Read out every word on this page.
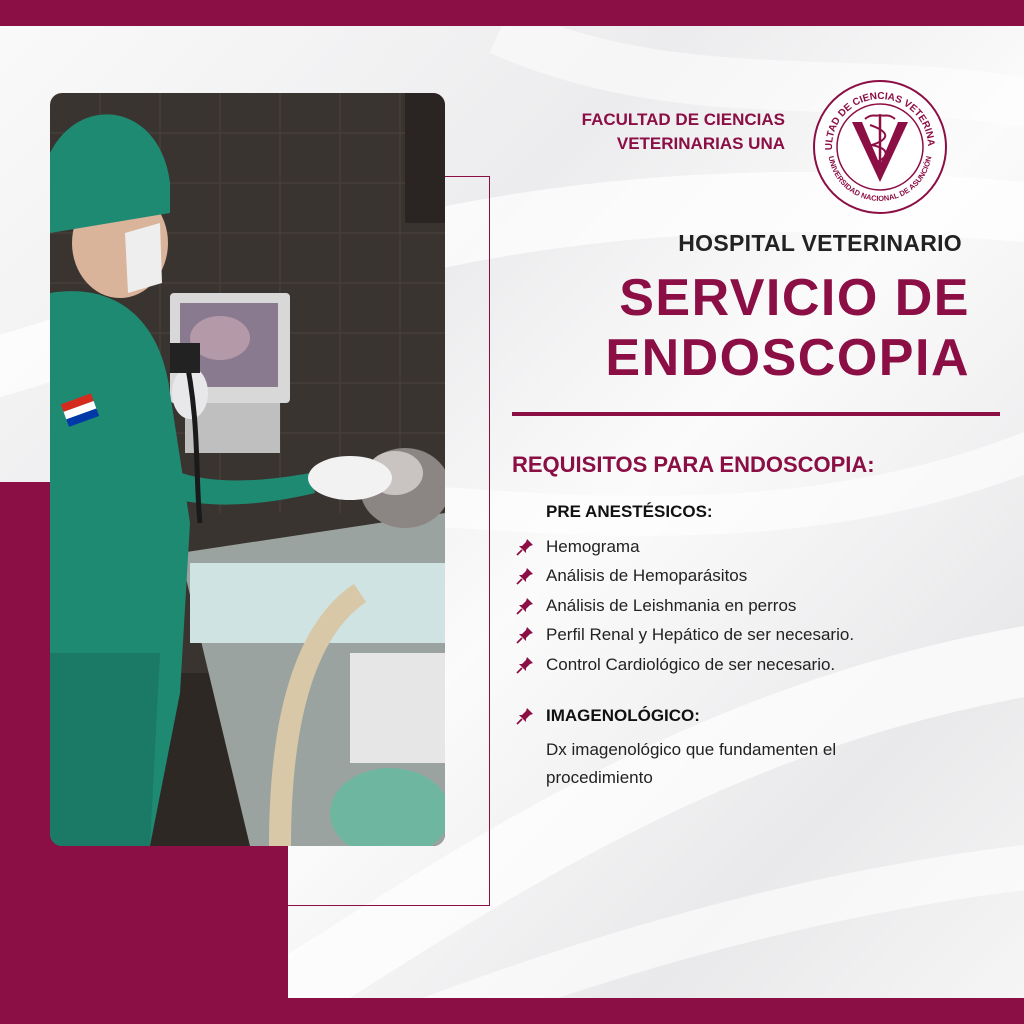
FACULTAD DE CIENCIAS
VETERINARIAS UNA	ULTAD DE CIENCIAS VETERINA
UNIVERSIDAD NACIONAL DE ASUNCIÓN
HOSPITAL VETERINARIO
SERVICIO DE
ENDOSCOPIA
REQUISITOS PARA ENDOSCOPIA:
PRE ANESTÉSICOS:
Hemograma
Análisis de Hemoparásitos
Análisis de Leishmania en perros
Perfil Renal y Hepático de ser necesario.
Control Cardiológico de ser necesario.
IMAGENOLÓGICO:
Dx imagenológico que fundamenten el procedimiento
